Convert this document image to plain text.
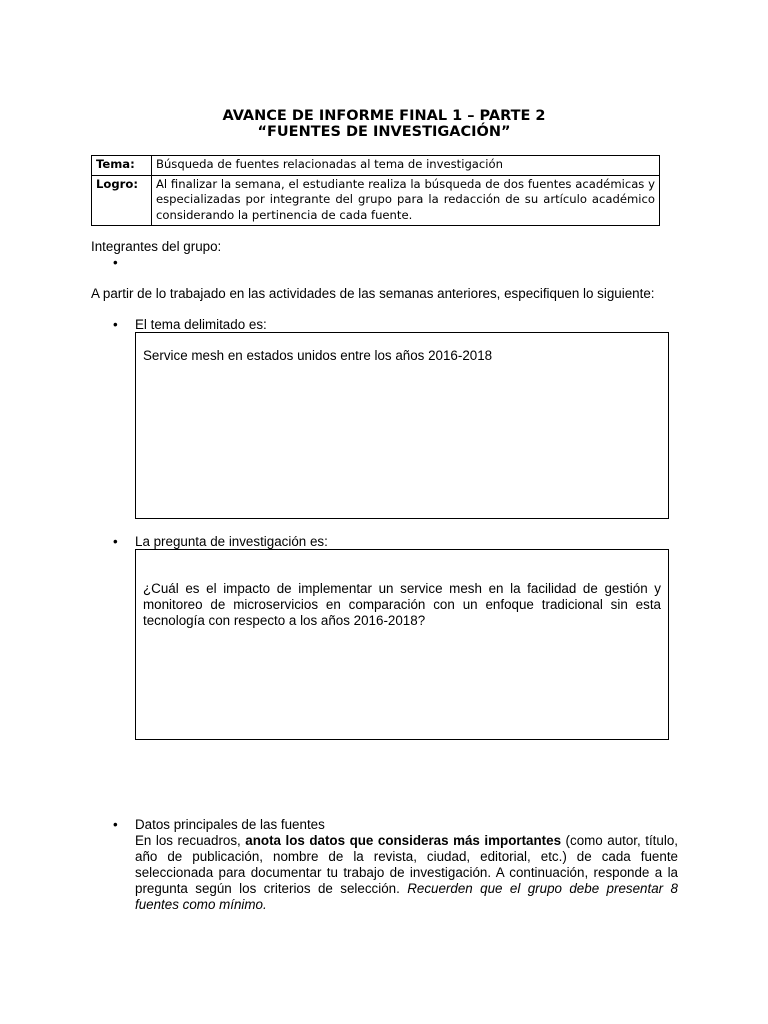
AVANCE DE INFORME FINAL 1 – PARTE 2
“FUENTES DE INVESTIGACIÓN”
Tema:	Búsqueda de fuentes relacionadas al tema de investigación
Logro:	Al finalizar la semana, el estudiante realiza la búsqueda de dos fuentes académicas y especializadas por integrante del grupo para la redacción de su artículo académico considerando la pertinencia de cada fuente.
Integrantes del grupo:
•
A partir de lo trabajado en las actividades de las semanas anteriores, especifiquen lo siguiente:
• El tema delimitado es:
Service mesh en estados unidos entre los años 2016-2018
• La pregunta de investigación es:
¿Cuál es el impacto de implementar un service mesh en la facilidad de gestión y monitoreo de microservicios en comparación con un enfoque tradicional sin esta tecnología con respecto a los años 2016-2018?
• Datos principales de las fuentes
En los recuadros, anota los datos que consideras más importantes (como autor, título, año de publicación, nombre de la revista, ciudad, editorial, etc.) de cada fuente seleccionada para documentar tu trabajo de investigación. A continuación, responde a la pregunta según los criterios de selección. Recuerden que el grupo debe presentar 8 fuentes como mínimo.
